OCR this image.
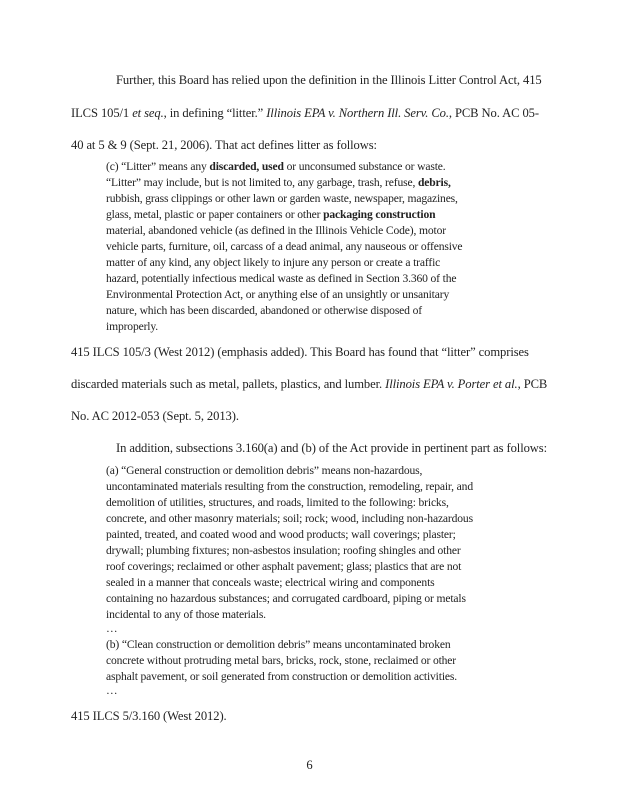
Further, this Board has relied upon the definition in the Illinois Litter Control Act, 415
ILCS 105/1 et seq., in defining “litter.” Illinois EPA v. Northern Ill. Serv. Co., PCB No. AC 05-
40 at 5 & 9 (Sept. 21, 2006). That act defines litter as follows:
(c) “Litter” means any discarded, used or unconsumed substance or waste.
“Litter” may include, but is not limited to, any garbage, trash, refuse, debris,
rubbish, grass clippings or other lawn or garden waste, newspaper, magazines,
glass, metal, plastic or paper containers or other packaging construction
material, abandoned vehicle (as defined in the Illinois Vehicle Code), motor
vehicle parts, furniture, oil, carcass of a dead animal, any nauseous or offensive
matter of any kind, any object likely to injure any person or create a traffic
hazard, potentially infectious medical waste as defined in Section 3.360 of the
Environmental Protection Act, or anything else of an unsightly or unsanitary
nature, which has been discarded, abandoned or otherwise disposed of
improperly.
415 ILCS 105/3 (West 2012) (emphasis added). This Board has found that “litter” comprises
discarded materials such as metal, pallets, plastics, and lumber. Illinois EPA v. Porter et al., PCB
No. AC 2012-053 (Sept. 5, 2013).
In addition, subsections 3.160(a) and (b) of the Act provide in pertinent part as follows:
(a) “General construction or demolition debris” means non-hazardous,
uncontaminated materials resulting from the construction, remodeling, repair, and
demolition of utilities, structures, and roads, limited to the following: bricks,
concrete, and other masonry materials; soil; rock; wood, including non-hazardous
painted, treated, and coated wood and wood products; wall coverings; plaster;
drywall; plumbing fixtures; non-asbestos insulation; roofing shingles and other
roof coverings; reclaimed or other asphalt pavement; glass; plastics that are not
sealed in a manner that conceals waste; electrical wiring and components
containing no hazardous substances; and corrugated cardboard, piping or metals
incidental to any of those materials.
…
(b) “Clean construction or demolition debris” means uncontaminated broken
concrete without protruding metal bars, bricks, rock, stone, reclaimed or other
asphalt pavement, or soil generated from construction or demolition activities.
…
415 ILCS 5/3.160 (West 2012).
6
